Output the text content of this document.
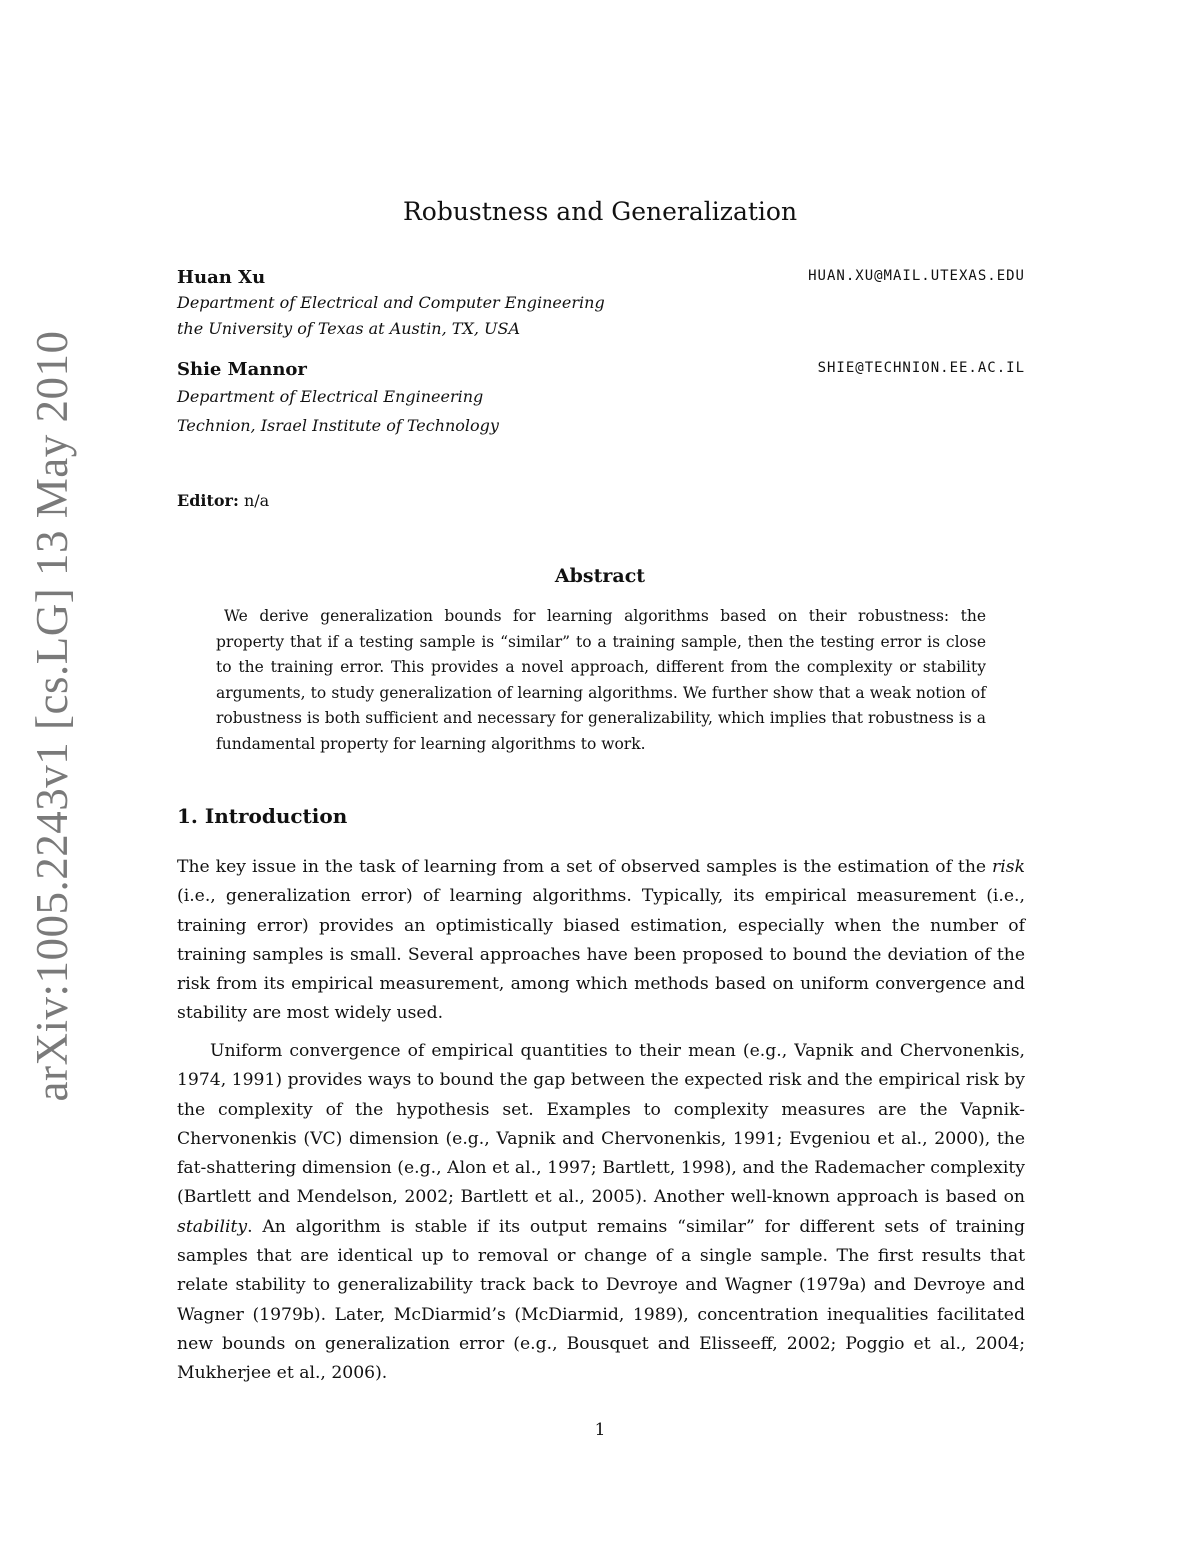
arXiv:1005.2243v1 [cs.LG] 13 May 2010
Robustness and Generalization
Huan Xu	HUAN.XU@MAIL.UTEXAS.EDU
Department of Electrical and Computer Engineering
the University of Texas at Austin, TX, USA
Shie Mannor	SHIE@TECHNION.EE.AC.IL
Department of Electrical Engineering
Technion, Israel Institute of Technology
Editor: n/a
Abstract

We derive generalization bounds for learning algorithms based on their robustness: the property that if a testing sample is “similar” to a training sample, then the testing error is close to the training error. This provides a novel approach, different from the complexity or stability arguments, to study generalization of learning algorithms. We further show that a weak notion of robustness is both sufficient and necessary for generalizability, which implies that robustness is a fundamental property for learning algorithms to work.

1. Introduction

The key issue in the task of learning from a set of observed samples is the estimation of the risk (i.e., generalization error) of learning algorithms. Typically, its empirical measurement (i.e., training error) provides an optimistically biased estimation, especially when the number of training samples is small. Several approaches have been proposed to bound the deviation of the risk from its empirical measurement, among which methods based on uniform convergence and stability are most widely used.

Uniform convergence of empirical quantities to their mean (e.g., Vapnik and Chervonenkis, 1974, 1991) provides ways to bound the gap between the expected risk and the empirical risk by the complexity of the hypothesis set. Examples to complexity measures are the Vapnik-Chervonenkis (VC) dimension (e.g., Vapnik and Chervonenkis, 1991; Evgeniou et al., 2000), the fat-shattering dimension (e.g., Alon et al., 1997; Bartlett, 1998), and the Rademacher complexity (Bartlett and Mendelson, 2002; Bartlett et al., 2005). Another well-known approach is based on stability. An algorithm is stable if its output remains “similar” for different sets of training samples that are identical up to removal or change of a single sample. The first results that relate stability to generalizability track back to Devroye and Wagner (1979a) and Devroye and Wagner (1979b). Later, McDiarmid’s (McDiarmid, 1989), concentration inequalities facilitated new bounds on generalization error (e.g., Bousquet and Elisseeff, 2002; Poggio et al., 2004; Mukherjee et al., 2006).

1
